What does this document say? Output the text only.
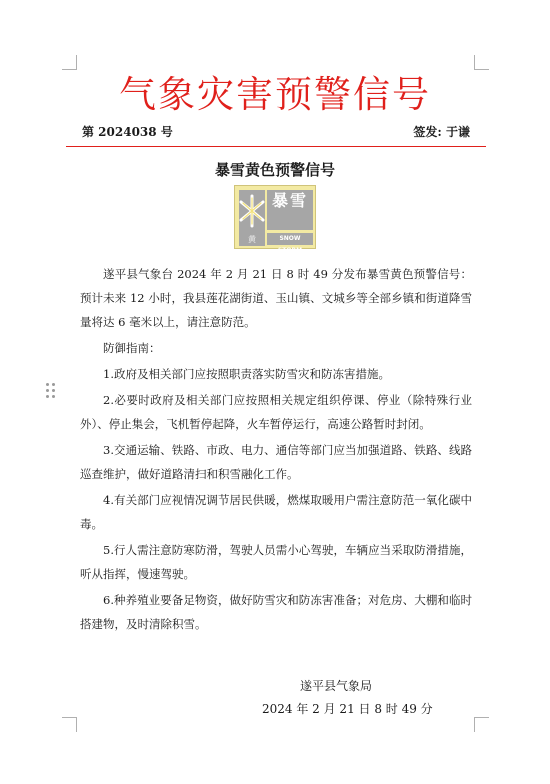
气象灾害预警信号
第 2024038 号	签发: 于谦
暴雪黄色预警信号
黄
暴雪
SNOW STORM

遂平县气象台 2024 年 2 月 21 日 8 时 49 分发布暴雪黄色预警信号：预计未来 12 小时，我县莲花湖街道、玉山镇、文城乡等全部乡镇和街道降雪量将达 6 毫米以上，请注意防范。

防御指南：

1.政府及相关部门应按照职责落实防雪灾和防冻害措施。

2.必要时政府及相关部门应按照相关规定组织停课、停业（除特殊行业外）、停止集会，飞机暂停起降，火车暂停运行，高速公路暂时封闭。

3.交通运输、铁路、市政、电力、通信等部门应当加强道路、铁路、线路巡查维护，做好道路清扫和积雪融化工作。

4.有关部门应视情况调节居民供暖，燃煤取暖用户需注意防范一氧化碳中毒。

5.行人需注意防寒防滑，驾驶人员需小心驾驶，车辆应当采取防滑措施，听从指挥，慢速驾驶。

6.种养殖业要备足物资，做好防雪灾和防冻害准备；对危房、大棚和临时搭建物，及时清除积雪。

遂平县气象局
2024 年 2 月 21 日 8 时 49 分
